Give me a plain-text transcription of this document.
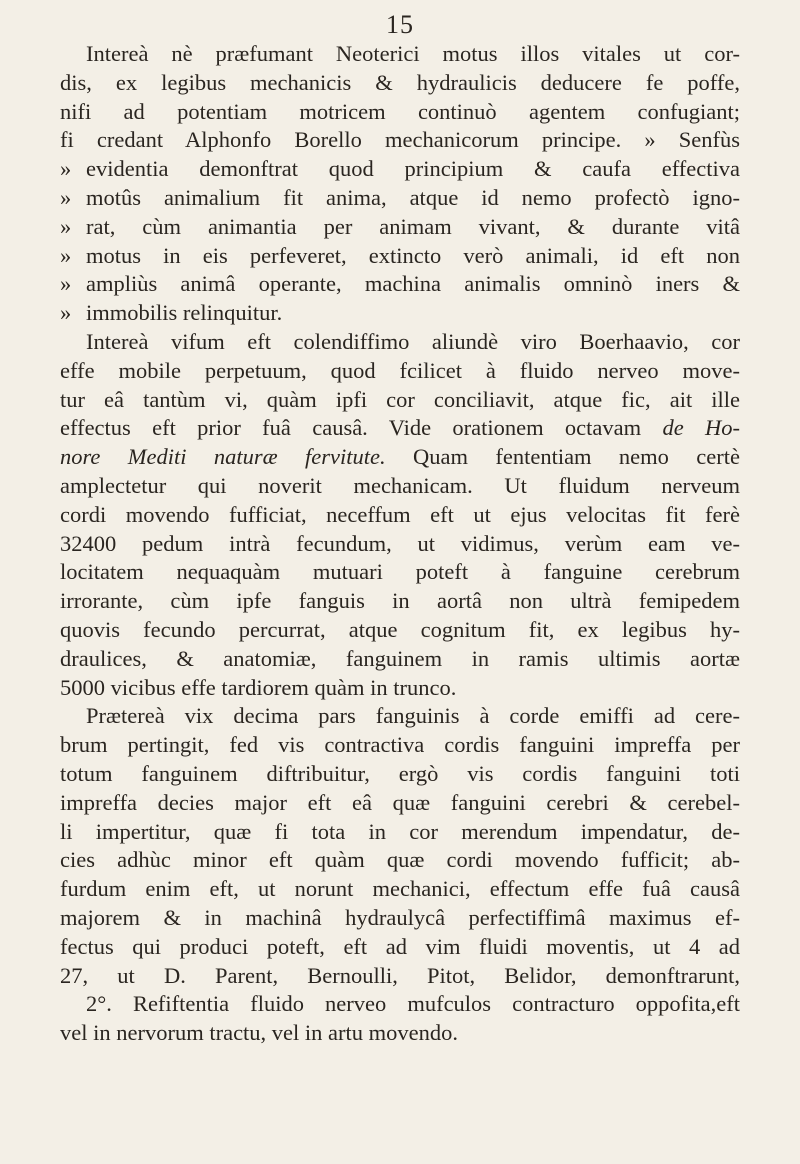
15
Intereà nè præfumant Neoterici motus illos vitales ut cor-
dis, ex legibus mechanicis & hydraulicis deducere fe poffe,
nifi ad potentiam motricem continuò agentem confugiant;
fi credant Alphonfo Borello mechanicorum principe. » Senfùs
» evidentia demonftrat quod principium & caufa effectiva
» motûs animalium fit anima, atque id nemo profectò igno-
» rat, cùm animantia per animam vivant, & durante vitâ
» motus in eis perfeveret, extincto verò animali, id eft non
» ampliùs animâ operante, machina animalis omninò iners &
» immobilis relinquitur.
Intereà vifum eft colendiffimo aliundè viro Boerhaavio, cor
effe mobile perpetuum, quod fcilicet à fluido nerveo move-
tur eâ tantùm vi, quàm ipfi cor conciliavit, atque fic, ait ille
effectus eft prior fuâ causâ. Vide orationem octavam de Ho-
nore Mediti naturæ fervitute. Quam fententiam nemo certè
amplectetur qui noverit mechanicam. Ut fluidum nerveum
cordi movendo fufficiat, neceffum eft ut ejus velocitas fit ferè
32400 pedum intrà fecundum, ut vidimus, verùm eam ve-
locitatem nequaquàm mutuari poteft à fanguine cerebrum
irrorante, cùm ipfe fanguis in aortâ non ultrà femipedem
quovis fecundo percurrat, atque cognitum fit, ex legibus hy-
draulices, & anatomiæ, fanguinem in ramis ultimis aortæ
5000 vicibus effe tardiorem quàm in trunco.
Prætereà vix decima pars fanguinis à corde emiffi ad cere-
brum pertingit, fed vis contractiva cordis fanguini impreffa per
totum fanguinem diftribuitur, ergò vis cordis fanguini toti
impreffa decies major eft eâ quæ fanguini cerebri & cerebel-
li impertitur, quæ fi tota in cor merendum impendatur, de-
cies adhùc minor eft quàm quæ cordi movendo fufficit; ab-
furdum enim eft, ut norunt mechanici, effectum effe fuâ causâ
majorem & in machinâ hydraulycâ perfectiffimâ maximus ef-
fectus qui produci poteft, eft ad vim fluidi moventis, ut 4 ad
27, ut D. Parent, Bernoulli, Pitot, Belidor, demonftrarunt,
2°. Refiftentia fluido nerveo mufculos contracturo oppofita,eft
vel in nervorum tractu, vel in artu movendo.
